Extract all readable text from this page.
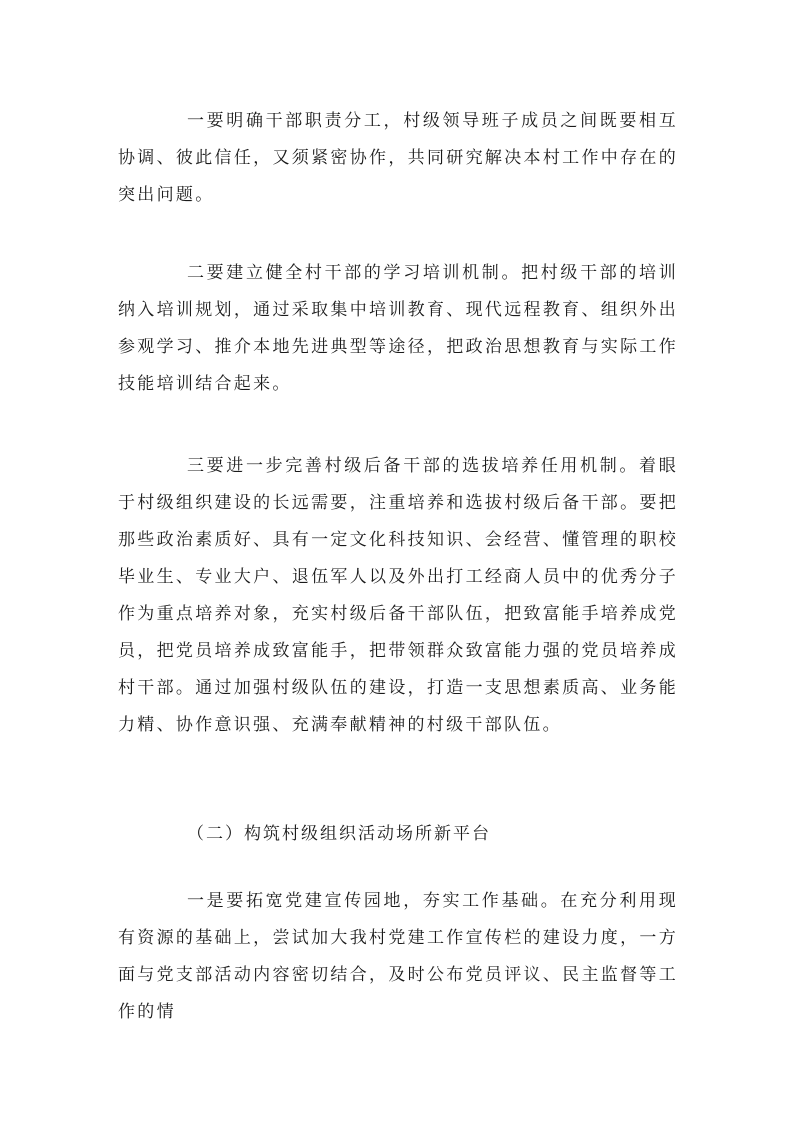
一要明确干部职责分工，村级领导班子成员之间既要相互协调、彼此信任，又须紧密协作，共同研究解决本村工作中存在的突出问题。

二要建立健全村干部的学习培训机制。把村级干部的培训纳入培训规划，通过采取集中培训教育、现代远程教育、组织外出参观学习、推介本地先进典型等途径，把政治思想教育与实际工作技能培训结合起来。

三要进一步完善村级后备干部的选拔培养任用机制。着眼于村级组织建设的长远需要，注重培养和选拔村级后备干部。要把那些政治素质好、具有一定文化科技知识、会经营、懂管理的职校毕业生、专业大户、退伍军人以及外出打工经商人员中的优秀分子作为重点培养对象，充实村级后备干部队伍，把致富能手培养成党员，把党员培养成致富能手，把带领群众致富能力强的党员培养成村干部。通过加强村级队伍的建设，打造一支思想素质高、业务能力精、协作意识强、充满奉献精神的村级干部队伍。

（二）构筑村级组织活动场所新平台

一是要拓宽党建宣传园地，夯实工作基础。在充分利用现有资源的基础上，尝试加大我村党建工作宣传栏的建设力度，一方面与党支部活动内容密切结合，及时公布党员评议、民主监督等工作的情
